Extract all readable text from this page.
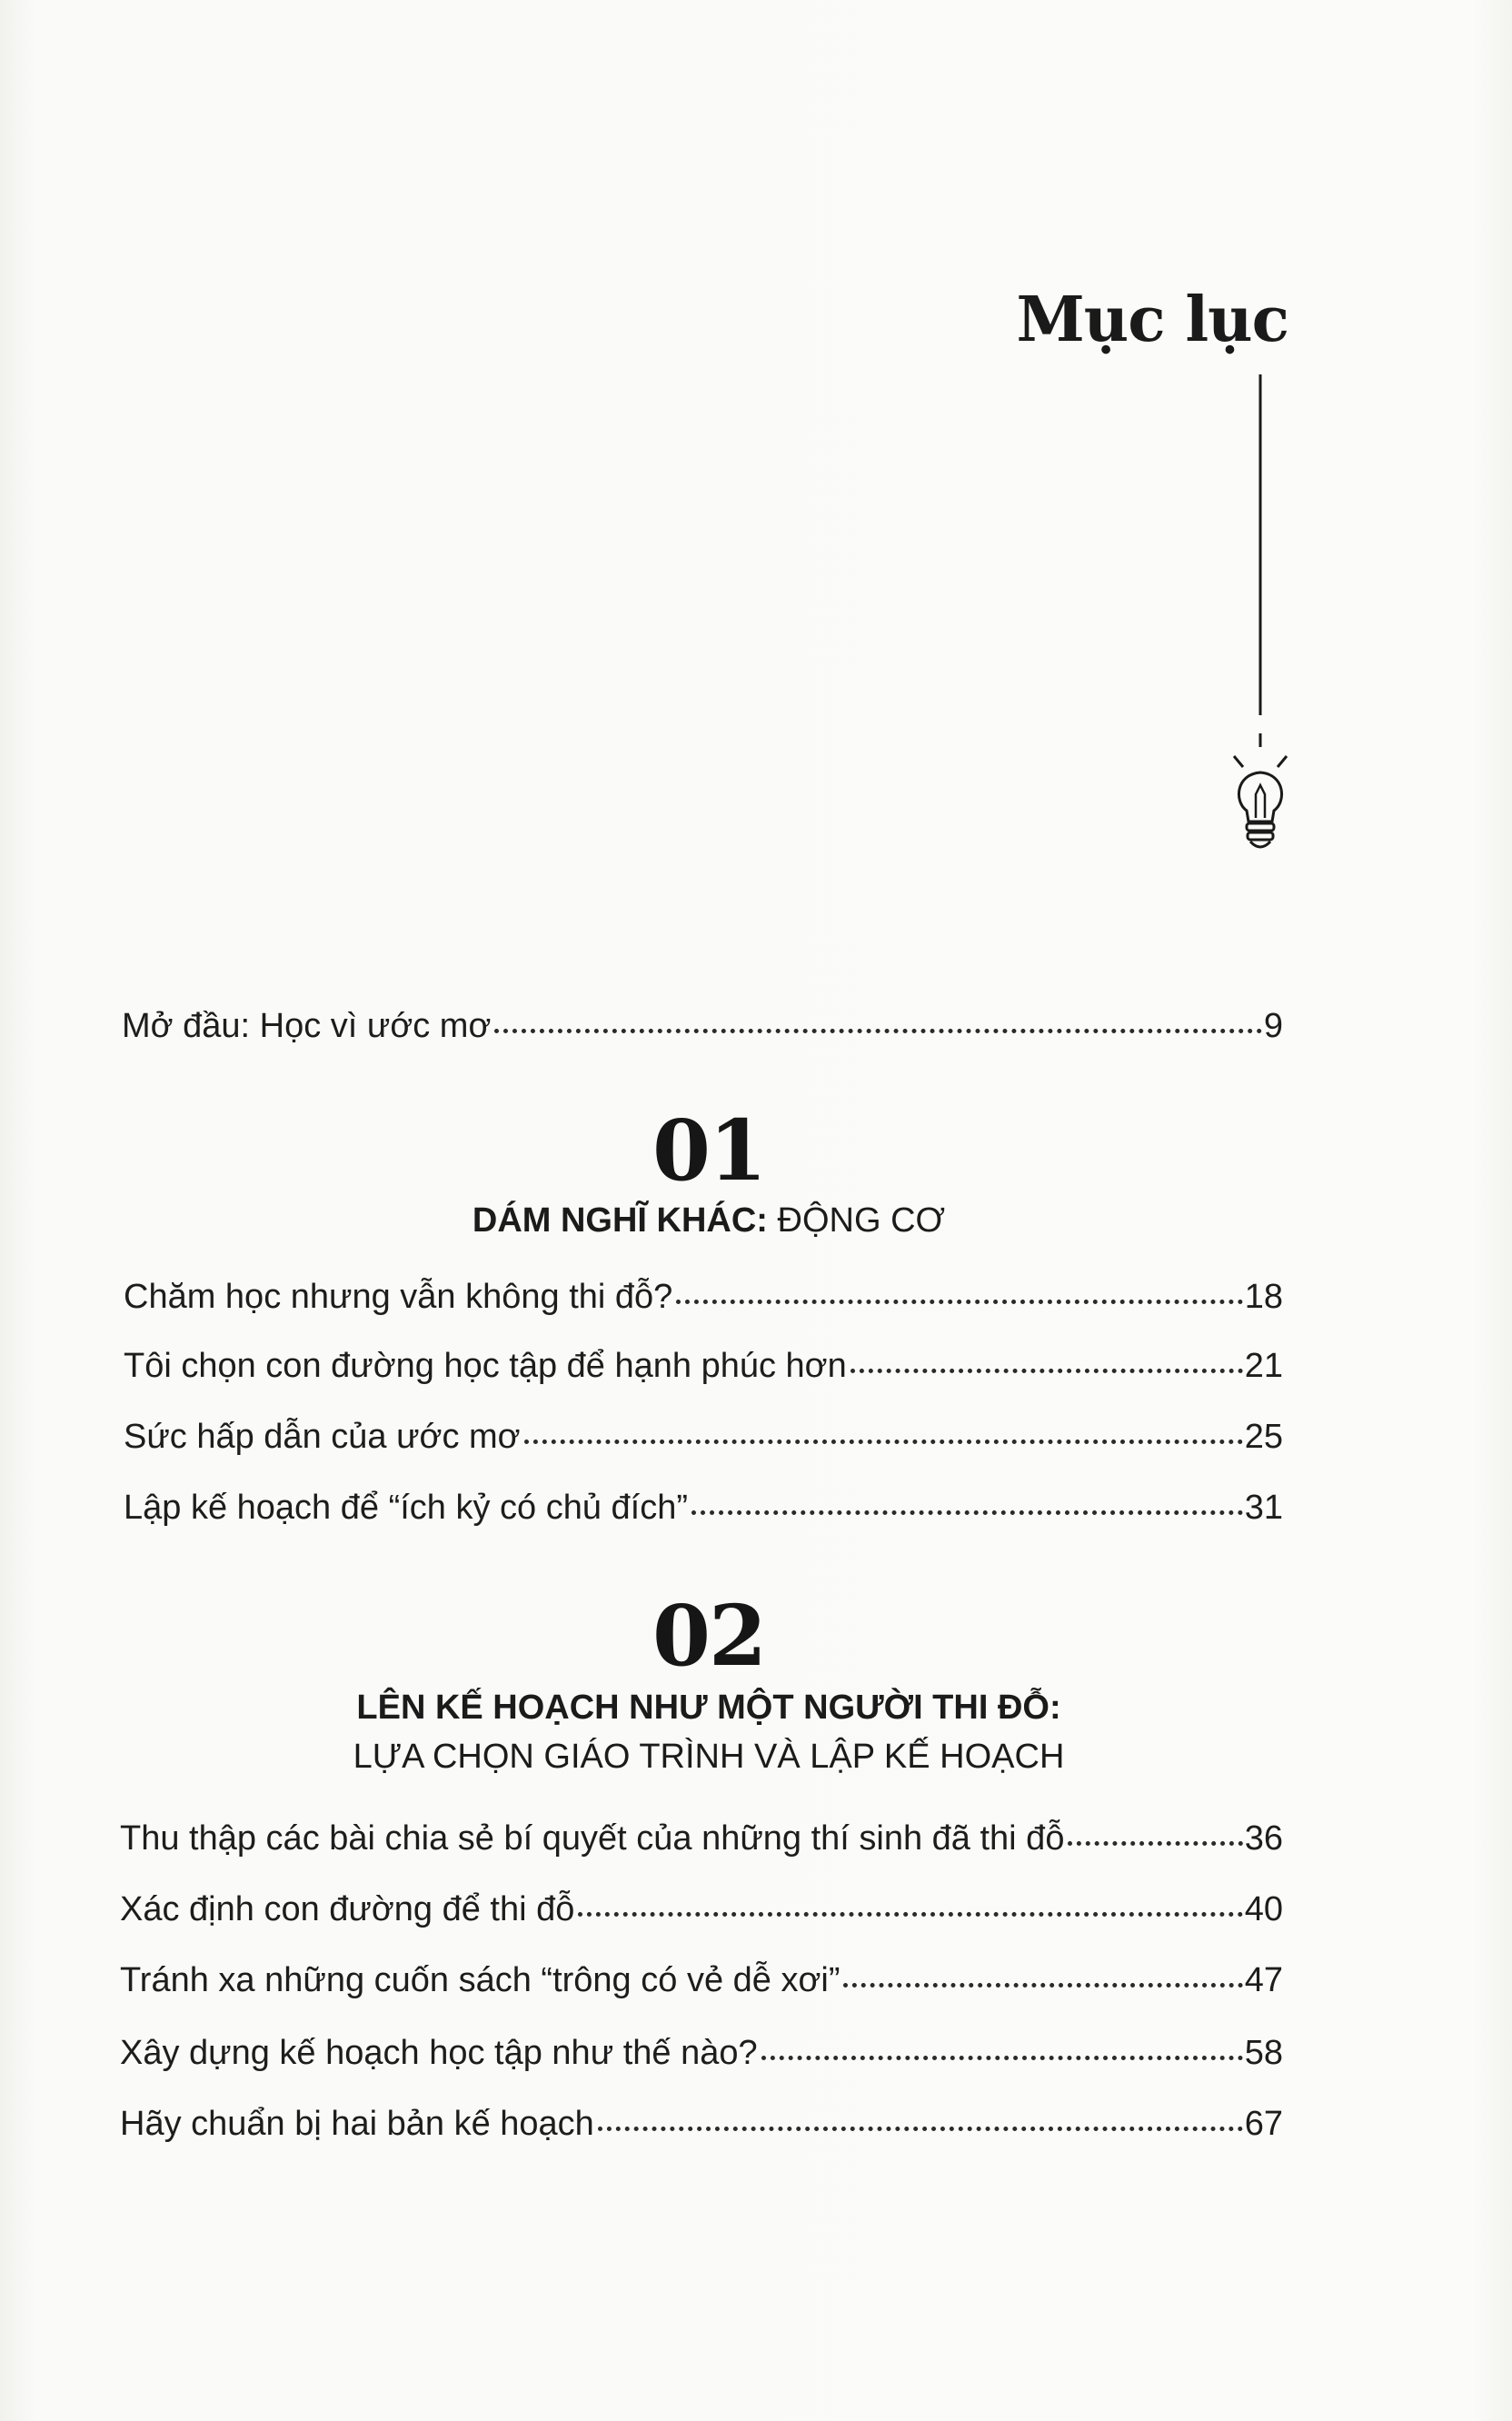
Mục lục
Mở đầu: Học vì ước mơ	9
01
DÁM NGHĨ KHÁC: ĐỘNG CƠ
Chăm học nhưng vẫn không thi đỗ?	18
Tôi chọn con đường học tập để hạnh phúc hơn	21
Sức hấp dẫn của ước mơ	25
Lập kế hoạch để “ích kỷ có chủ đích”	31
02
LÊN KẾ HOẠCH NHƯ MỘT NGƯỜI THI ĐỖ:
LỰA CHỌN GIÁO TRÌNH VÀ LẬP KẾ HOẠCH
Thu thập các bài chia sẻ bí quyết của những thí sinh đã thi đỗ	36
Xác định con đường để thi đỗ	40
Tránh xa những cuốn sách “trông có vẻ dễ xơi”	47
Xây dựng kế hoạch học tập như thế nào?	58
Hãy chuẩn bị hai bản kế hoạch	67
